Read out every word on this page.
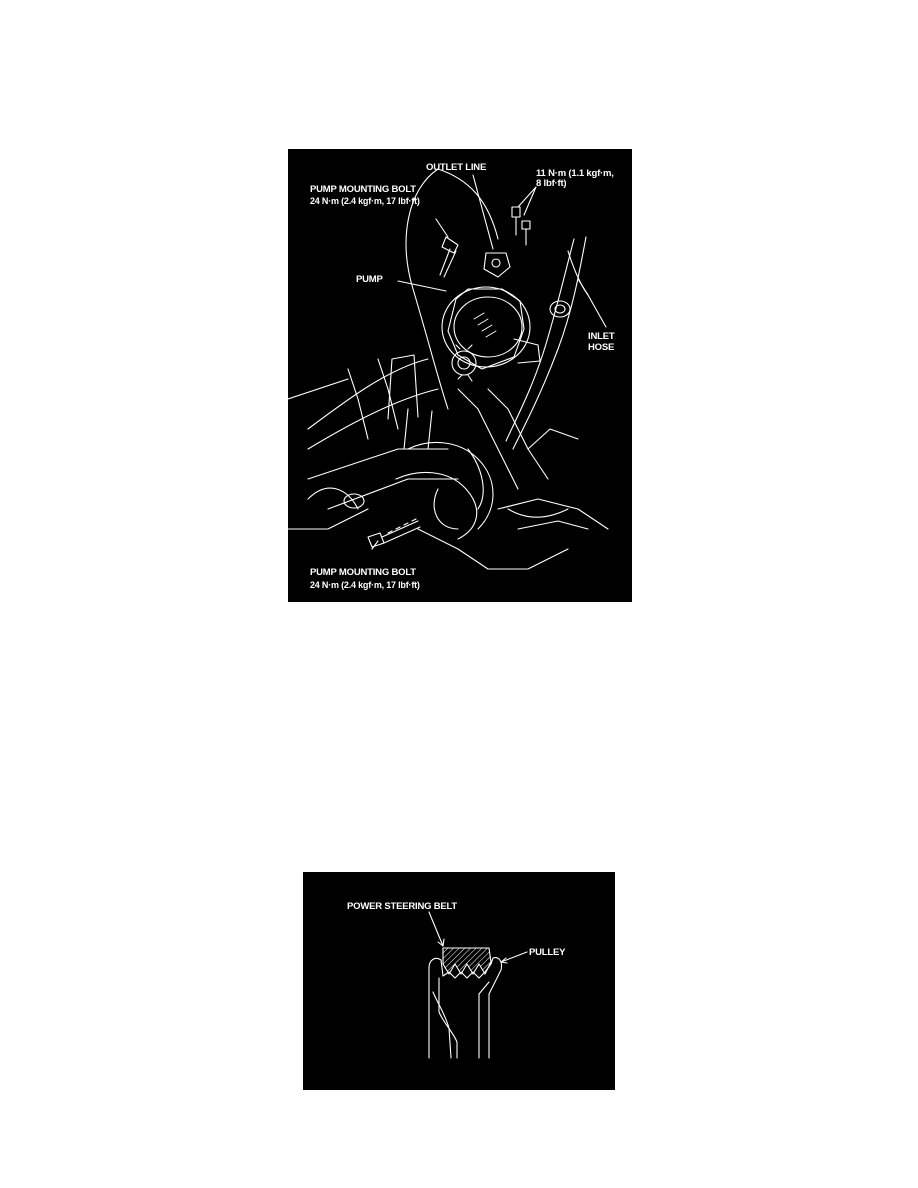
OUTLET LINE
11 N·m (1.1 kgf·m,
8 lbf·ft)
PUMP MOUNTING BOLT
24 N·m (2.4 kgf·m, 17 lbf·ft)
PUMP
INLET
HOSE
PUMP MOUNTING BOLT
24 N·m (2.4 kgf·m, 17 lbf·ft)
POWER STEERING BELT
PULLEY
